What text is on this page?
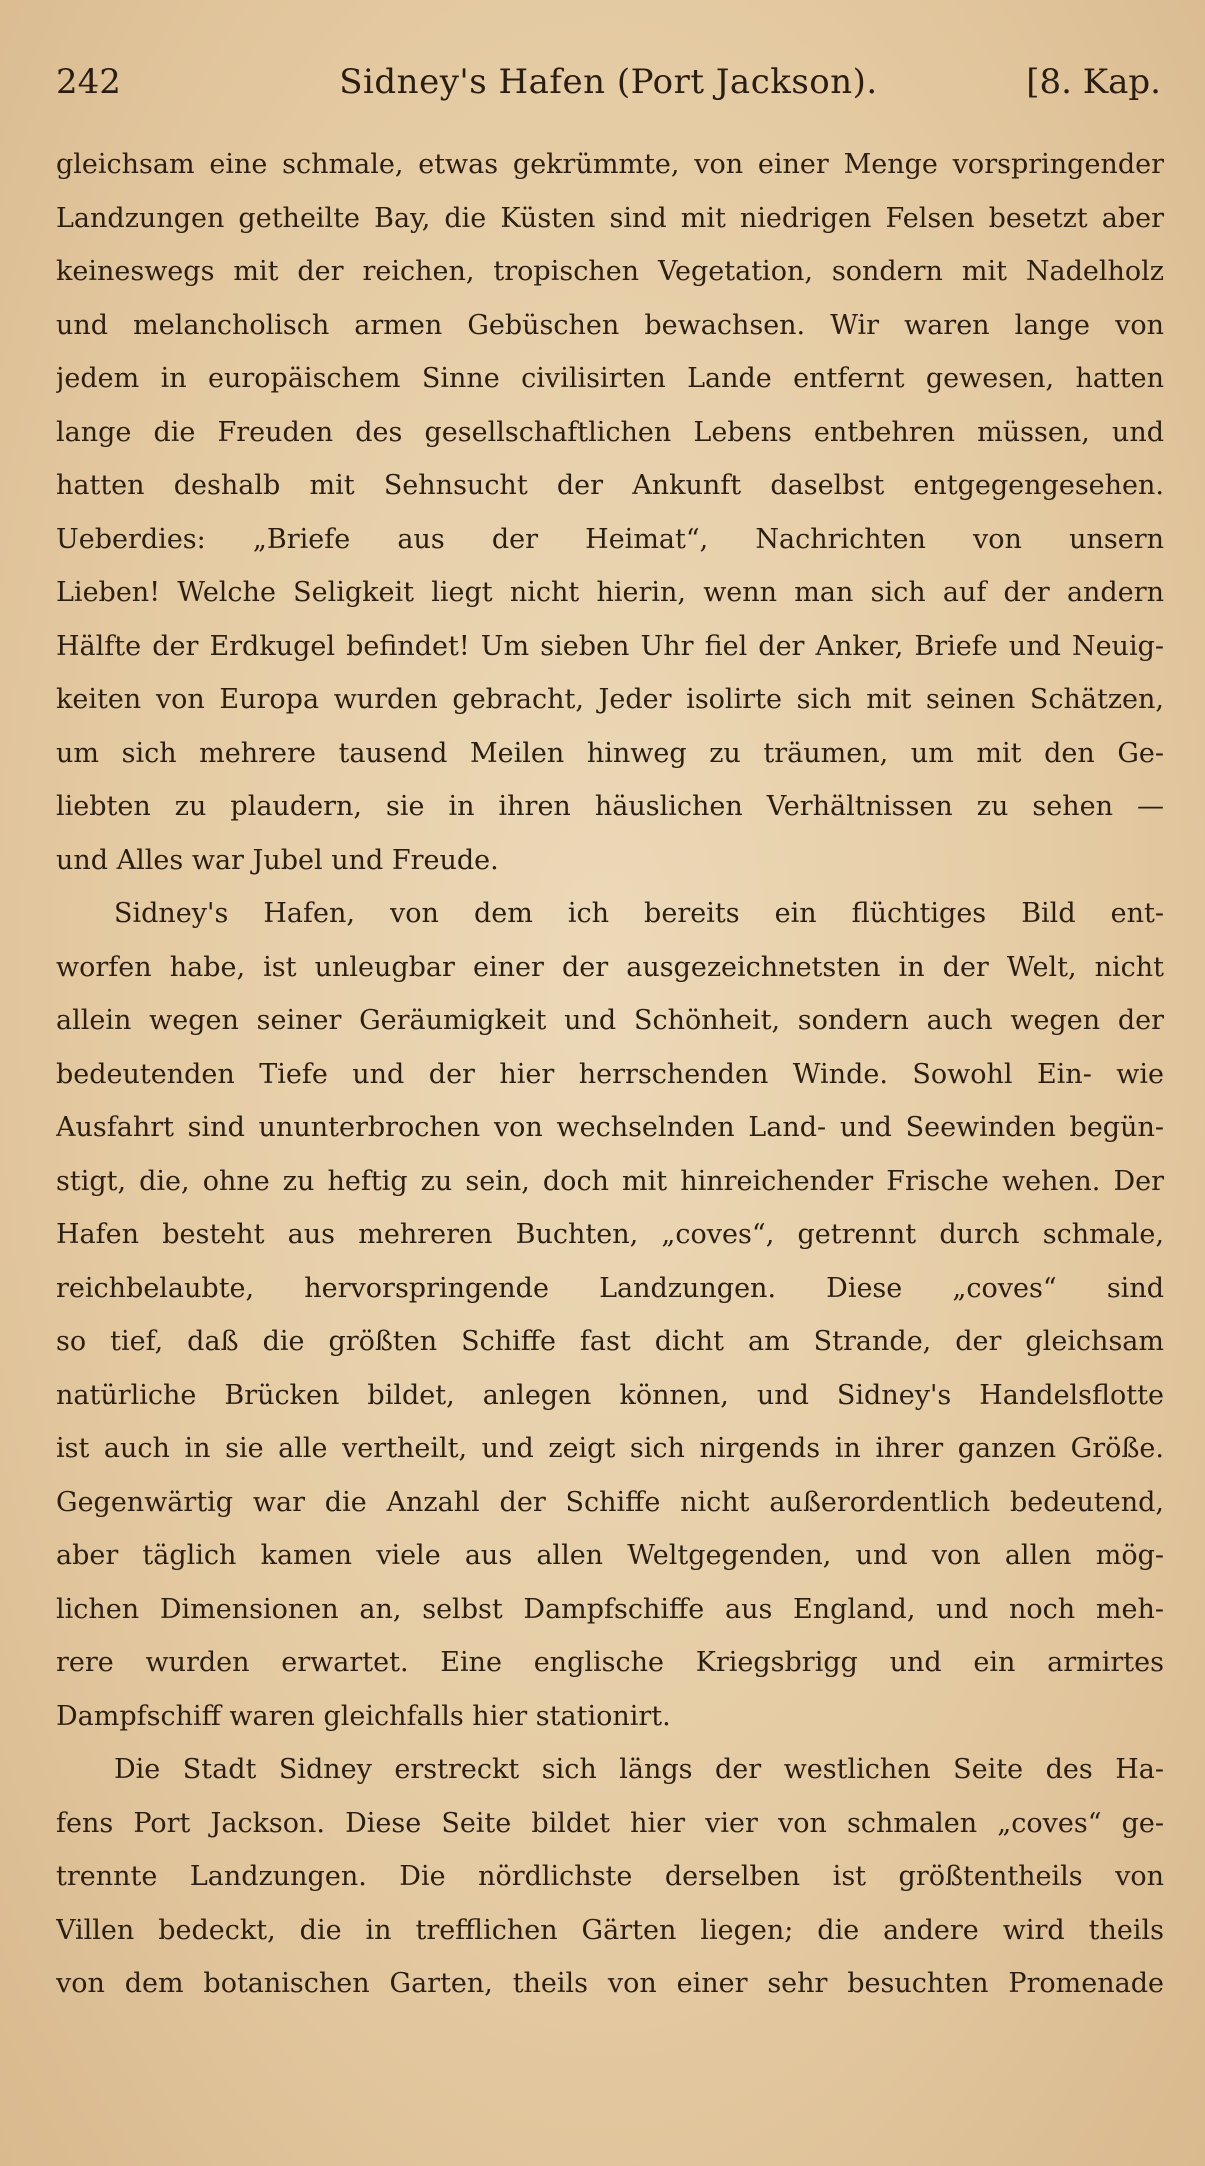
242	Sidney's Hafen (Port Jackson).	[8. Kap.
gleichsam eine schmale, etwas gekrümmte, von einer Menge vorspringender
Landzungen getheilte Bay, die Küsten sind mit niedrigen Felsen besetzt aber
keineswegs mit der reichen, tropischen Vegetation, sondern mit Nadelholz
und melancholisch armen Gebüschen bewachsen. Wir waren lange von
jedem in europäischem Sinne civilisirten Lande entfernt gewesen, hatten
lange die Freuden des gesellschaftlichen Lebens entbehren müssen, und
hatten deshalb mit Sehnsucht der Ankunft daselbst entgegengesehen.
Ueberdies: „Briefe aus der Heimat“, Nachrichten von unsern
Lieben! Welche Seligkeit liegt nicht hierin, wenn man sich auf der andern
Hälfte der Erdkugel befindet! Um sieben Uhr fiel der Anker, Briefe und Neuig-
keiten von Europa wurden gebracht, Jeder isolirte sich mit seinen Schätzen,
um sich mehrere tausend Meilen hinweg zu träumen, um mit den Ge-
liebten zu plaudern, sie in ihren häuslichen Verhältnissen zu sehen —
und Alles war Jubel und Freude.
Sidney's Hafen, von dem ich bereits ein flüchtiges Bild ent-
worfen habe, ist unleugbar einer der ausgezeichnetsten in der Welt, nicht
allein wegen seiner Geräumigkeit und Schönheit, sondern auch wegen der
bedeutenden Tiefe und der hier herrschenden Winde. Sowohl Ein- wie
Ausfahrt sind ununterbrochen von wechselnden Land- und Seewinden begün-
stigt, die, ohne zu heftig zu sein, doch mit hinreichender Frische wehen. Der
Hafen besteht aus mehreren Buchten, „coves“, getrennt durch schmale,
reichbelaubte, hervorspringende Landzungen. Diese „coves“ sind
so tief, daß die größten Schiffe fast dicht am Strande, der gleichsam
natürliche Brücken bildet, anlegen können, und Sidney's Handelsflotte
ist auch in sie alle vertheilt, und zeigt sich nirgends in ihrer ganzen Größe.
Gegenwärtig war die Anzahl der Schiffe nicht außerordentlich bedeutend,
aber täglich kamen viele aus allen Weltgegenden, und von allen mög-
lichen Dimensionen an, selbst Dampfschiffe aus England, und noch meh-
rere wurden erwartet. Eine englische Kriegsbrigg und ein armirtes
Dampfschiff waren gleichfalls hier stationirt.
Die Stadt Sidney erstreckt sich längs der westlichen Seite des Ha-
fens Port Jackson. Diese Seite bildet hier vier von schmalen „coves“ ge-
trennte Landzungen. Die nördlichste derselben ist größtentheils von
Villen bedeckt, die in trefflichen Gärten liegen; die andere wird theils
von dem botanischen Garten, theils von einer sehr besuchten Promenade
